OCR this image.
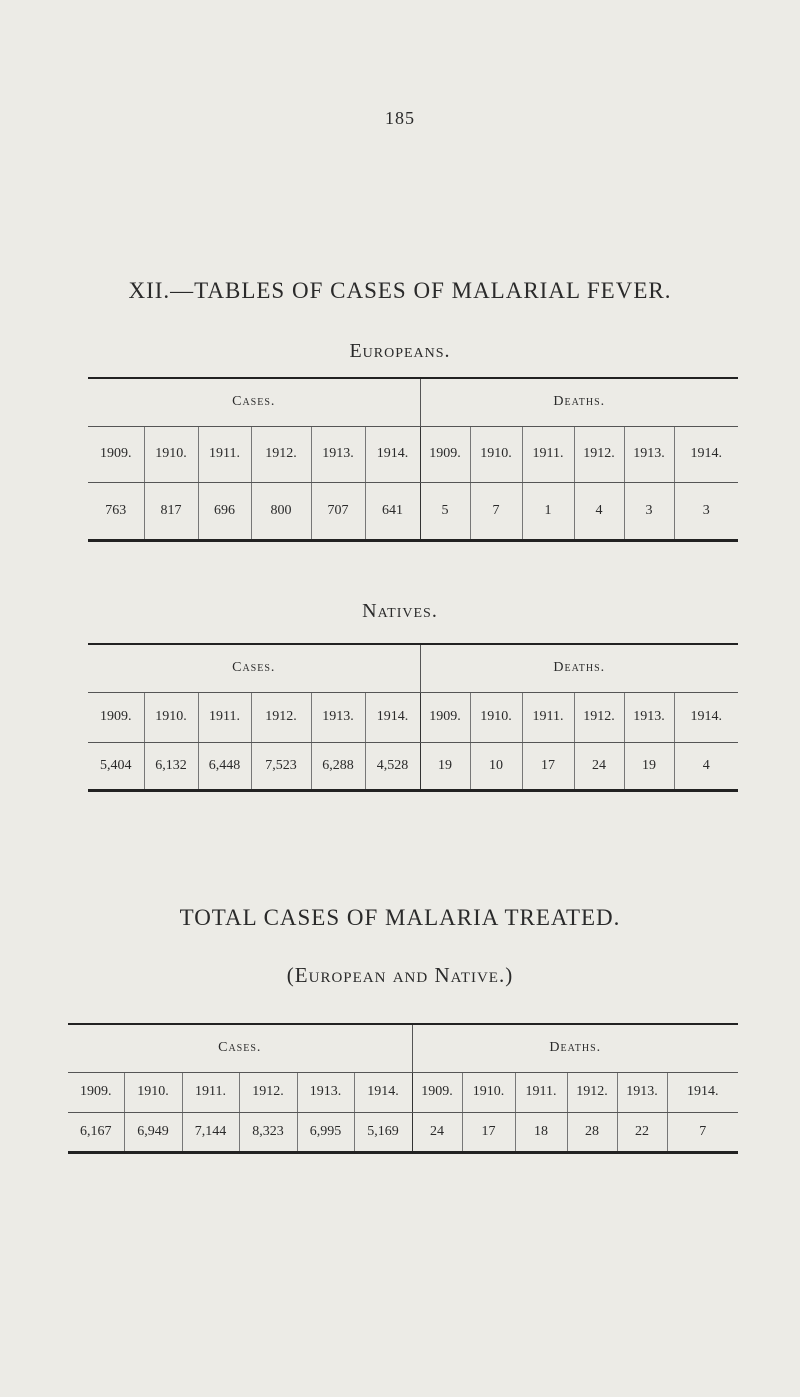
185
XII.—TABLES OF CASES OF MALARIAL FEVER.
Europeans.
Cases.						Deaths.					
1909.	1910.	1911.	1912.	1913.	1914.	1909.	1910.	1911.	1912.	1913.	1914.
763	817	696	800	707	641	5	7	1	4	3	3
Natives.
Cases.						Deaths.					
1909.	1910.	1911.	1912.	1913.	1914.	1909.	1910.	1911.	1912.	1913.	1914.
5,404	6,132	6,448	7,523	6,288	4,528	19	10	17	24	19	4
TOTAL CASES OF MALARIA TREATED.
(European and Native.)
Cases.						Deaths.					
1909.	1910.	1911.	1912.	1913.	1914.	1909.	1910.	1911.	1912.	1913.	1914.
6,167	6,949	7,144	8,323	6,995	5,169	24	17	18	28	22	7
